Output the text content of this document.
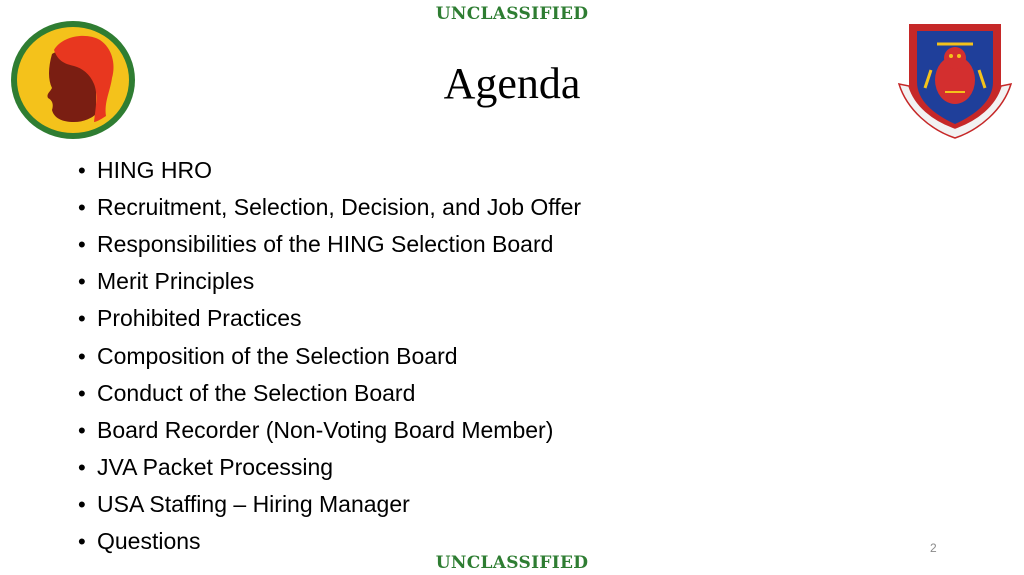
UNCLASSIFIED
Agenda
• HING HRO
• Recruitment, Selection, Decision, and Job Offer
• Responsibilities of the HING Selection Board
• Merit Principles
• Prohibited Practices
• Composition of the Selection Board
• Conduct of the Selection Board
• Board Recorder (Non-Voting Board Member)
• JVA Packet Processing
• USA Staffing – Hiring Manager
• Questions	2
UNCLASSIFIED
